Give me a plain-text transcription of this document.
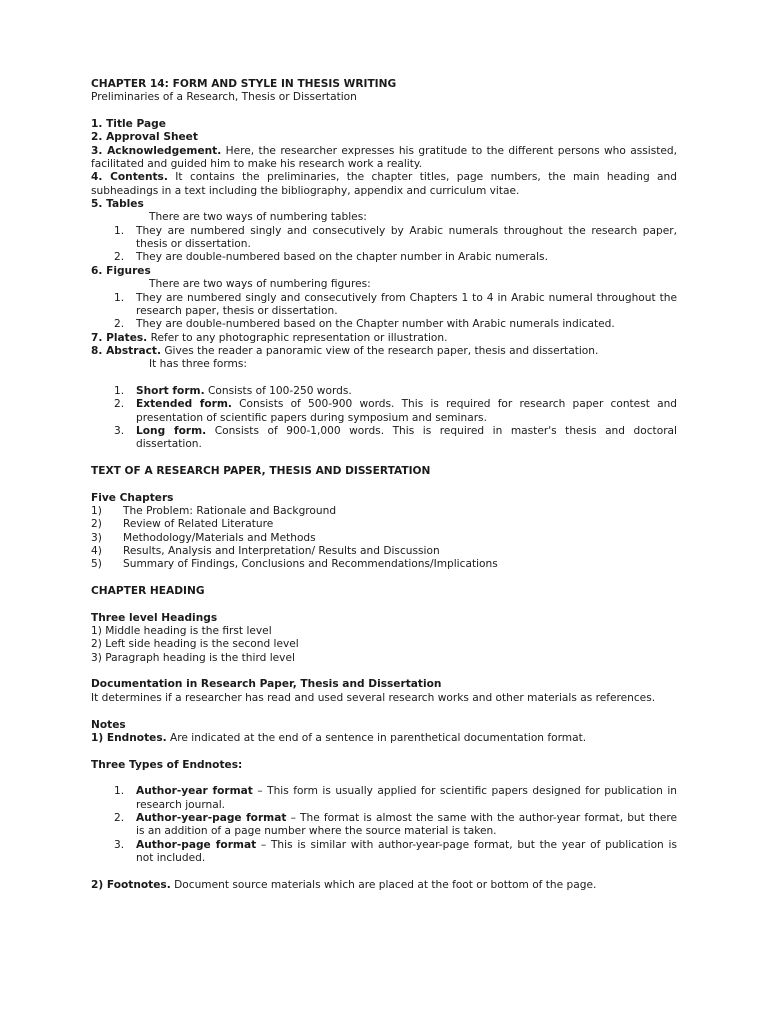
CHAPTER 14: FORM AND STYLE IN THESIS WRITING
Preliminaries of a Research, Thesis or Dissertation
1. Title Page
2. Approval Sheet
3. Acknowledgement. Here, the researcher expresses his gratitude to the different persons who assisted, facilitated and guided him to make his research work a reality.
4. Contents. It contains the preliminaries, the chapter titles, page numbers, the main heading and subheadings in a text including the bibliography, appendix and curriculum vitae.
5. Tables
There are two ways of numbering tables:
1.	They are numbered singly and consecutively by Arabic numerals throughout the research paper, thesis or dissertation.
2.	They are double-numbered based on the chapter number in Arabic numerals.
6. Figures
There are two ways of numbering figures:
1.	They are numbered singly and consecutively from Chapters 1 to 4 in Arabic numeral throughout the research paper, thesis or dissertation.
2.	They are double-numbered based on the Chapter number with Arabic numerals indicated.
7. Plates. Refer to any photographic representation or illustration.
8. Abstract. Gives the reader a panoramic view of the research paper, thesis and dissertation.
It has three forms:
1.	Short form. Consists of 100-250 words.
2.	Extended form. Consists of 500-900 words. This is required for research paper contest and presentation of scientific papers during symposium and seminars.
3.	Long form. Consists of 900-1,000 words. This is required in master's thesis and doctoral dissertation.
TEXT OF A RESEARCH PAPER, THESIS AND DISSERTATION
Five Chapters
1)	The Problem: Rationale and Background
2)	Review of Related Literature
3)	Methodology/Materials and Methods
4)	Results, Analysis and Interpretation/ Results and Discussion
5)	Summary of Findings, Conclusions and Recommendations/Implications
CHAPTER HEADING
Three level Headings
1) Middle heading is the first level
2) Left side heading is the second level
3) Paragraph heading is the third level
Documentation in Research Paper, Thesis and Dissertation
It determines if a researcher has read and used several research works and other materials as references.
Notes
1) Endnotes. Are indicated at the end of a sentence in parenthetical documentation format.
Three Types of Endnotes:
1.	Author-year format – This form is usually applied for scientific papers designed for publication in research journal.
2.	Author-year-page format – The format is almost the same with the author-year format, but there is an addition of a page number where the source material is taken.
3.	Author-page format – This is similar with author-year-page format, but the year of publication is not included.
2) Footnotes. Document source materials which are placed at the foot or bottom of the page.
